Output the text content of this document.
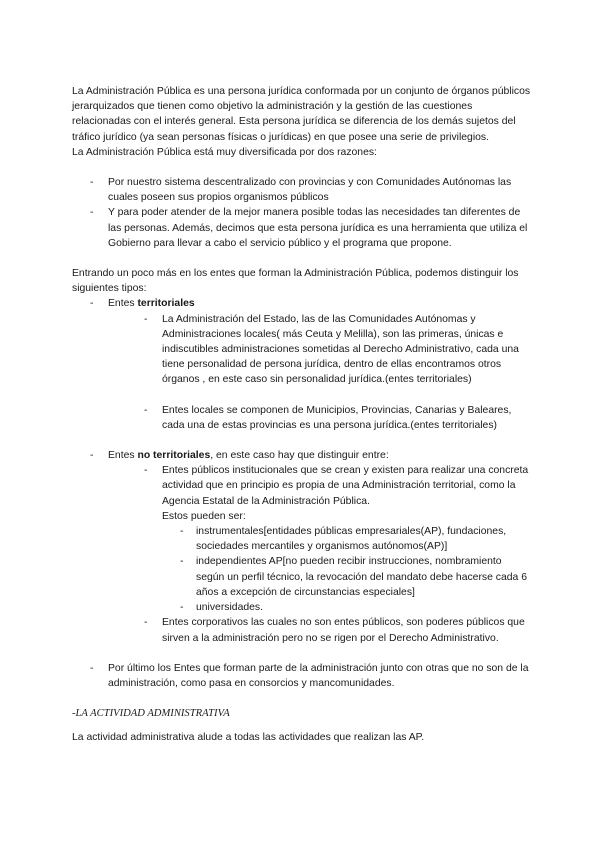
La Administración Pública es una persona jurídica conformada por un conjunto de órganos públicos jerarquizados que tienen como objetivo la administración y la gestión de las cuestiones relacionadas con el interés general. Esta persona jurídica se diferencia de los demás sujetos del tráfico jurídico (ya sean personas físicas o jurídicas) en que posee una serie de privilegios.

La Administración Pública está muy diversificada por dos razones:

- Por nuestro sistema descentralizado con provincias y con Comunidades Autónomas las cuales poseen sus propios organismos públicos
- Y para poder atender de la mejor manera posible todas las necesidades tan diferentes de las personas. Además, decimos que esta persona jurídica es una herramienta que utiliza el Gobierno para llevar a cabo el servicio público y el programa que propone.

Entrando un poco más en los entes que forman la Administración Pública, podemos distinguir los siguientes tipos:

- Entes territoriales
- La Administración del Estado, las de las Comunidades Autónomas y Administraciones locales( más Ceuta y Melilla), son las primeras, únicas e indiscutibles administraciones sometidas al Derecho Administrativo, cada una tiene personalidad de persona jurídica, dentro de ellas encontramos otros órganos , en este caso sin personalidad jurídica.(entes territoriales)
- Entes locales se componen de Municipios, Provincias, Canarias y Baleares, cada una de estas provincias es una persona jurídica.(entes territoriales)
- Entes no territoriales, en este caso hay que distinguir entre:
- Entes públicos institucionales que se crean y existen para realizar una concreta actividad que en principio es propia de una Administración territorial, como la Agencia Estatal de la Administración Pública.
Estos pueden ser:
- instrumentales[entidades públicas empresariales(AP), fundaciones, sociedades mercantiles y organismos autónomos(AP)]
- independientes AP[no pueden recibir instrucciones, nombramiento según un perfil técnico, la revocación del mandato debe hacerse cada 6 años a excepción de circunstancias especiales]
- universidades.
- Entes corporativos las cuales no son entes públicos, son poderes públicos que sirven a la administración pero no se rigen por el Derecho Administrativo.
- Por último los Entes que forman parte de la administración junto con otras que no son de la administración, como pasa en consorcios y mancomunidades.

-LA ACTIVIDAD ADMINISTRATIVA

La actividad administrativa alude a todas las actividades que realizan las AP.
